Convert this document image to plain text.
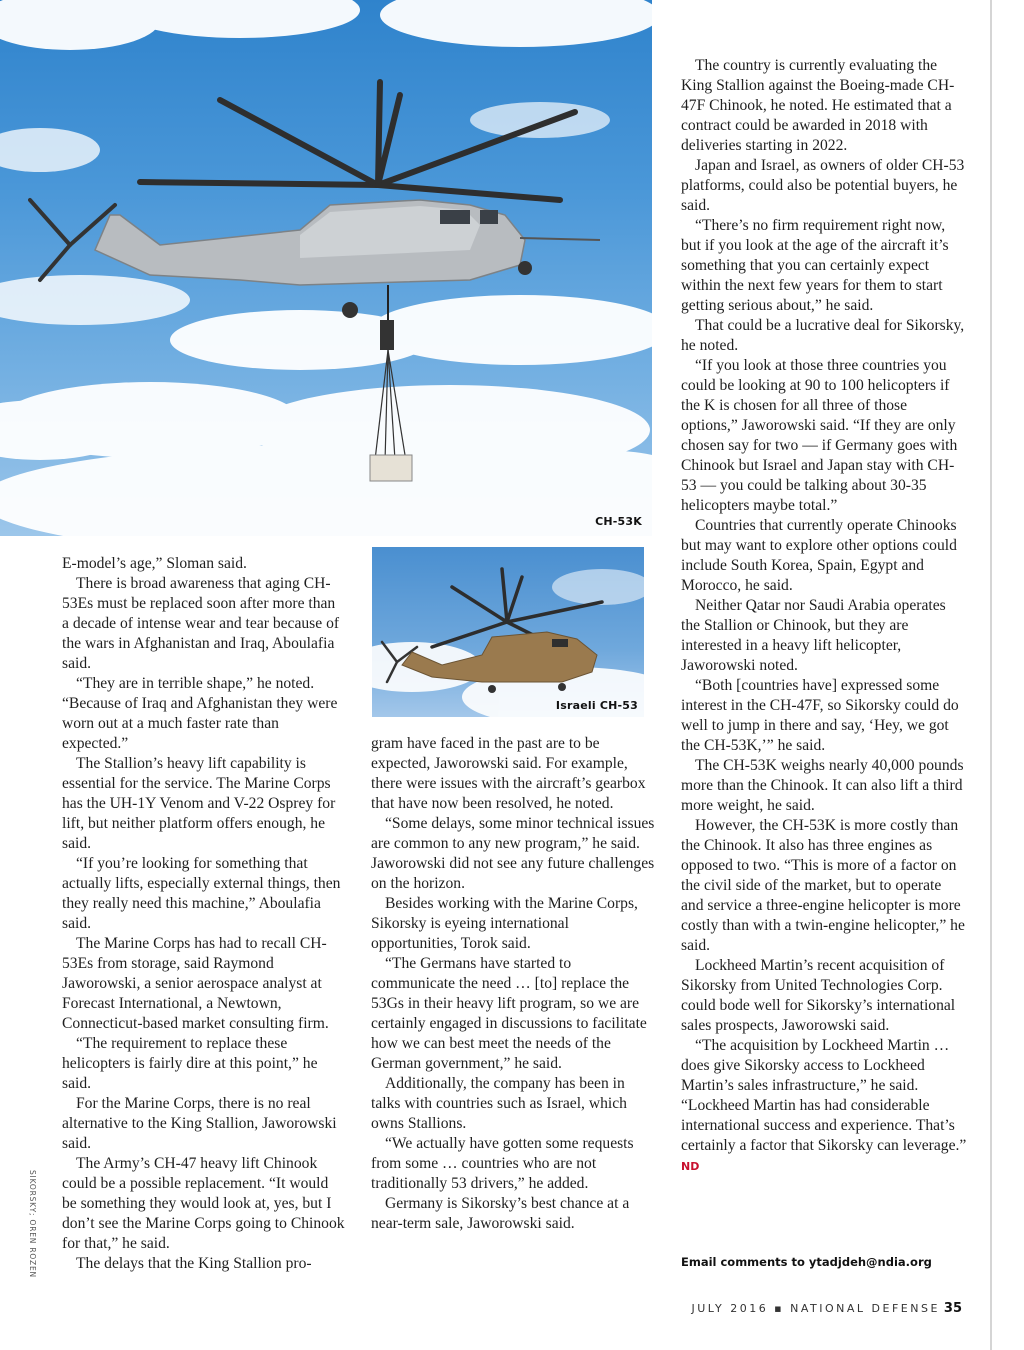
CH-53K
Israeli CH-53

E-model’s age,” Sloman said.

There is broad awareness that aging CH-53Es must be replaced soon after more than a decade of intense wear and tear because of the wars in Afghanistan and Iraq, Aboulafia said.

“They are in terrible shape,” he noted. “Because of Iraq and Afghanistan they were worn out at a much faster rate than expected.”

The Stallion’s heavy lift capability is essential for the service. The Marine Corps has the UH-1Y Venom and V-22 Osprey for lift, but neither platform offers enough, he said.

“If you’re looking for something that actually lifts, especially external things, then they really need this machine,” Aboulafia said.

The Marine Corps has had to recall CH-53Es from storage, said Raymond Jaworowski, a senior aerospace analyst at Forecast International, a Newtown, Connecticut-based market consulting firm.

“The requirement to replace these helicopters is fairly dire at this point,” he said.

For the Marine Corps, there is no real alternative to the King Stallion, Jaworowski said.

The Army’s CH-47 heavy lift Chinook could be a possible replacement. “It would be something they would look at, yes, but I don’t see the Marine Corps going to Chinook for that,” he said.

The delays that the King Stallion pro-

gram have faced in the past are to be expected, Jaworowski said. For example, there were issues with the aircraft’s gearbox that have now been resolved, he noted.

“Some delays, some minor technical issues are common to any new program,” he said. Jaworowski did not see any future challenges on the horizon.

Besides working with the Marine Corps, Sikorsky is eyeing international opportunities, Torok said.

“The Germans have started to communicate the need … [to] replace the 53Gs in their heavy lift program, so we are certainly engaged in discussions to facilitate how we can best meet the needs of the German government,” he said.

Additionally, the company has been in talks with countries such as Israel, which owns Stallions.

“We actually have gotten some requests from some … countries who are not traditionally 53 drivers,” he added.

Germany is Sikorsky’s best chance at a near-term sale, Jaworowski said.

The country is currently evaluating the King Stallion against the Boeing-made CH-47F Chinook, he noted. He estimated that a contract could be awarded in 2018 with deliveries starting in 2022.

Japan and Israel, as owners of older CH-53 platforms, could also be potential buyers, he said.

“There’s no firm requirement right now, but if you look at the age of the aircraft it’s something that you can certainly expect within the next few years for them to start getting serious about,” he said.

That could be a lucrative deal for Sikorsky, he noted.

“If you look at those three countries you could be looking at 90 to 100 helicopters if the K is chosen for all three of those options,” Jaworowski said. “If they are only chosen say for two — if Germany goes with Chinook but Israel and Japan stay with CH-53 — you could be talking about 30-35 helicopters maybe total.”

Countries that currently operate Chinooks but may want to explore other options could include South Korea, Spain, Egypt and Morocco, he said.

Neither Qatar nor Saudi Arabia operates the Stallion or Chinook, but they are interested in a heavy lift helicopter, Jaworowski noted.

“Both [countries have] expressed some interest in the CH-47F, so Sikorsky could do well to jump in there and say, ‘Hey, we got the CH-53K,’” he said.

The CH-53K weighs nearly 40,000 pounds more than the Chinook. It can also lift a third more weight, he said.

However, the CH-53K is more costly than the Chinook. It also has three engines as opposed to two. “This is more of a factor on the civil side of the market, but to operate and service a three-engine helicopter is more costly than with a twin-engine helicopter,” he said.

Lockheed Martin’s recent acquisition of Sikorsky from United Technologies Corp. could bode well for Sikorsky’s international sales prospects, Jaworowski said.

“The acquisition by Lockheed Martin … does give Sikorsky access to Lockheed Martin’s sales infrastructure,” he said. “Lockheed Martin has had considerable international success and experience. That’s certainly a factor that Sikorsky can leverage.” ND

Email comments to ytadjdeh@ndia.org
SIKORSKY; OREN ROZEN
JULY 2016 ▪ NATIONAL DEFENSE 35
